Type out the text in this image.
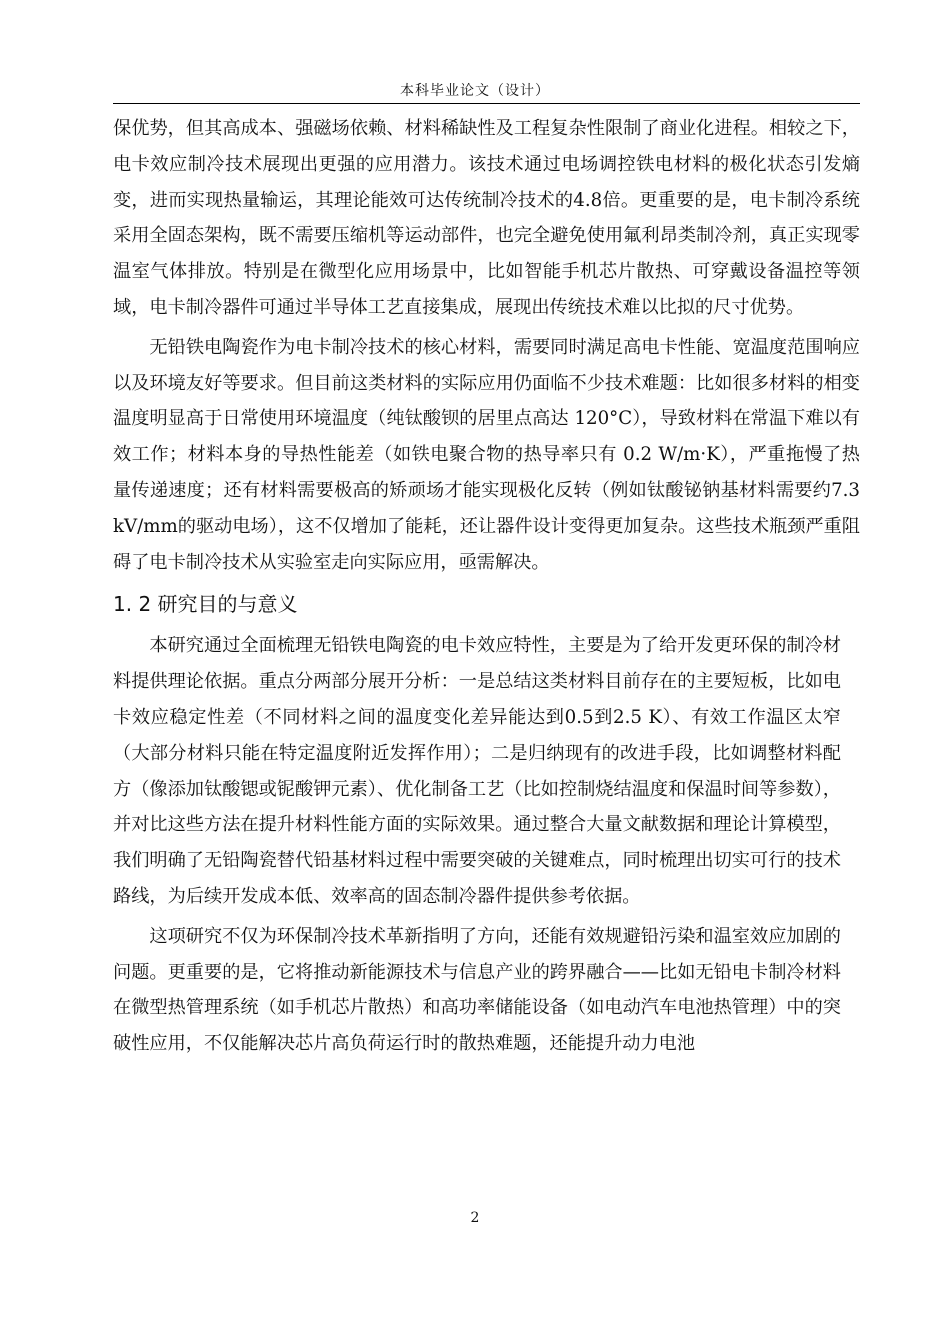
本科毕业论文（设计）

保优势，但其高成本、强磁场依赖、材料稀缺性及工程复杂性限制了商业化进程。相较之下，电卡效应制冷技术展现出更强的应用潜力。该技术通过电场调控铁电材料的极化状态引发熵变，进而实现热量输运，其理论能效可达传统制冷技术的4.8倍。更重要的是，电卡制冷系统采用全固态架构，既不需要压缩机等运动部件，也完全避免使用氟利昂类制冷剂，真正实现零温室气体排放。特别是在微型化应用场景中，比如智能手机芯片散热、可穿戴设备温控等领域，电卡制冷器件可通过半导体工艺直接集成，展现出传统技术难以比拟的尺寸优势。

无铅铁电陶瓷作为电卡制冷技术的核心材料，需要同时满足高电卡性能、宽温度范围响应以及环境友好等要求。但目前这类材料的实际应用仍面临不少技术难题：比如很多材料的相变温度明显高于日常使用环境温度（纯钛酸钡的居里点高达 120°C），导致材料在常温下难以有效工作；材料本身的导热性能差（如铁电聚合物的热导率只有 0.2 W/m·K），严重拖慢了热量传递速度；还有材料需要极高的矫顽场才能实现极化反转（例如钛酸铋钠基材料需要约7.3 kV/mm的驱动电场），这不仅增加了能耗，还让器件设计变得更加复杂。这些技术瓶颈严重阻碍了电卡制冷技术从实验室走向实际应用，亟需解决。

1. 2 研究目的与意义

本研究通过全面梳理无铅铁电陶瓷的电卡效应特性，主要是为了给开发更环保的制冷材料提供理论依据。重点分两部分展开分析：一是总结这类材料目前存在的主要短板，比如电卡效应稳定性差（不同材料之间的温度变化差异能达到0.5到2.5 K）、有效工作温区太窄（大部分材料只能在特定温度附近发挥作用）；二是归纳现有的改进手段，比如调整材料配方（像添加钛酸锶或铌酸钾元素）、优化制备工艺（比如控制烧结温度和保温时间等参数），并对比这些方法在提升材料性能方面的实际效果。通过整合大量文献数据和理论计算模型，我们明确了无铅陶瓷替代铅基材料过程中需要突破的关键难点，同时梳理出切实可行的技术路线，为后续开发成本低、效率高的固态制冷器件提供参考依据。

这项研究不仅为环保制冷技术革新指明了方向，还能有效规避铅污染和温室效应加剧的问题。更重要的是，它将推动新能源技术与信息产业的跨界融合——比如无铅电卡制冷材料在微型热管理系统（如手机芯片散热）和高功率储能设备（如电动汽车电池热管理）中的突破性应用，不仅能解决芯片高负荷运行时的散热难题，还能提升动力电池

2
